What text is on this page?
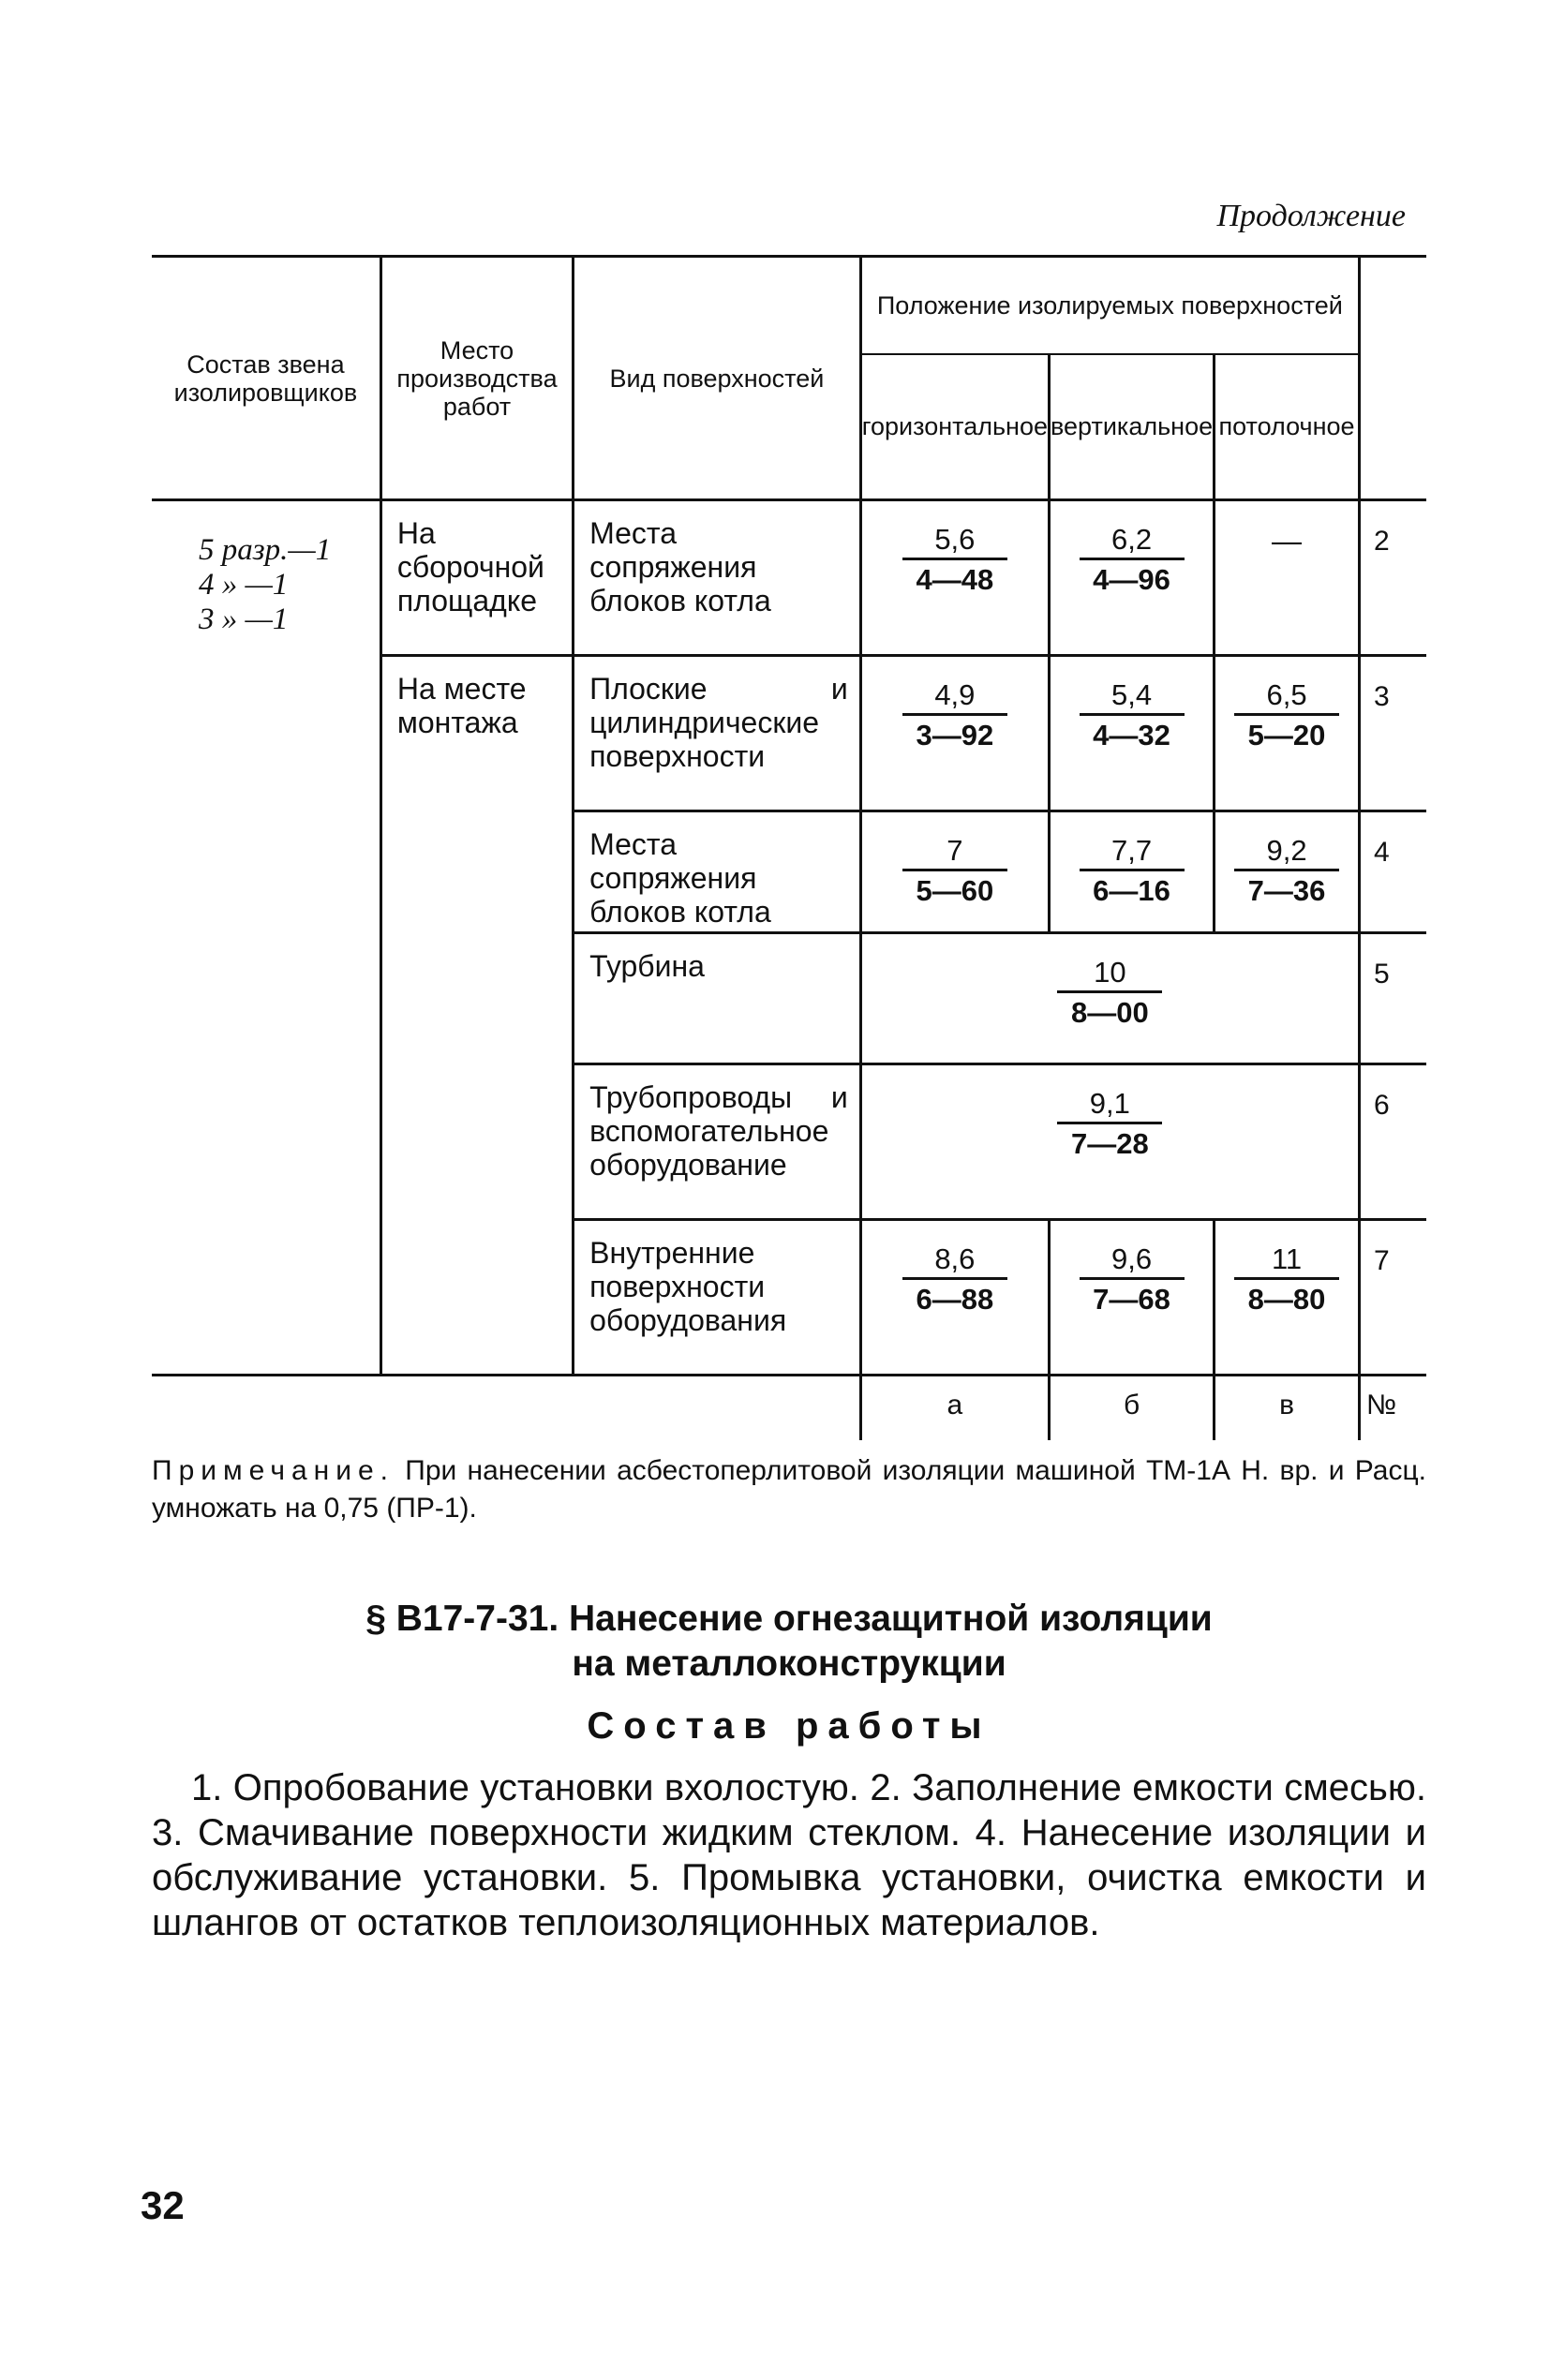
Продолжение
Состав звена изолировщиков	Место производства работ	Вид поверхностей	Положение изолируемых поверхностей			
			горизонтальное	вертикальное	потолочное	

5 разр.—1
4 » —1
3 » —1	На сборочной площадке	Места сопряжения блоков котла	$\frac{5,6}{4—48}$	$\frac{6,2}{4—96}$	—	2
	На месте монтажа	Плоские и цилиндрические поверхности	$\frac{4,9}{3—92}$	$\frac{5,4}{4—32}$	$\frac{6,5}{5—20}$	3
		Места сопряжения блоков котла	$\frac{7}{5—60}$	$\frac{7,7}{6—16}$	$\frac{9,2}{7—36}$	4
		Турбина	$\frac{10}{8—00}$			5
		Трубопроводы и вспомогательное оборудование	$\frac{9,1}{7—28}$			6
		Внутренние поверхности оборудования	$\frac{8,6}{6—88}$	$\frac{9,6}{7—68}$	$\frac{11}{8—80}$	7
			а	б	в	№
Примечание. При нанесении асбестоперлитовой изоляции машиной ТМ-1А Н. вр. и Расц. умножать на 0,75 (ПР-1).
§ В17-7-31. Нанесение огнезащитной изоляции
на металлоконструкции
Состав работы
1. Опробование установки вхолостую. 2. Заполнение емкости смесью. 3. Смачивание поверхности жидким стеклом. 4. Нанесение изоляции и обслуживание установки. 5. Промывка установки, очистка емкости и шлангов от остатков теплоизоляционных материалов.
32
